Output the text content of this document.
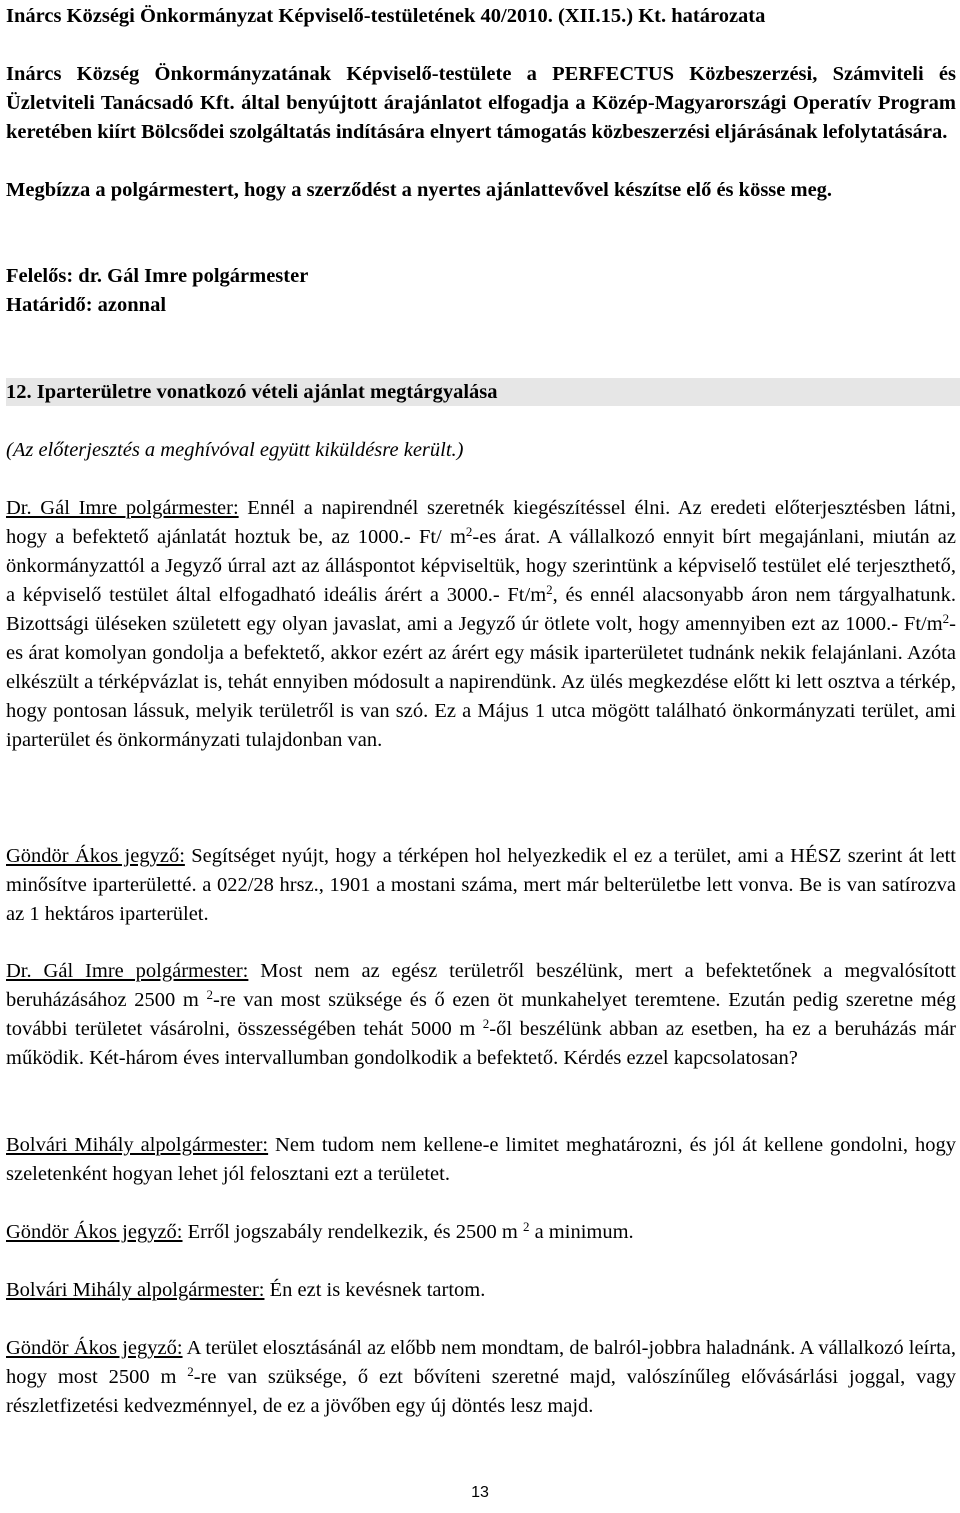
Inárcs Községi Önkormányzat Képviselő-testületének 40/2010. (XII.15.) Kt. határozata
Inárcs Község Önkormányzatának Képviselő-testülete a PERFECTUS Közbeszerzési, Számviteli és Üzletviteli Tanácsadó Kft. által benyújtott árajánlatot elfogadja a Közép-Magyarországi Operatív Program keretében kiírt Bölcsődei szolgáltatás indítására elnyert támogatás közbeszerzési eljárásának lefolytatására.
Megbízza a polgármestert, hogy a szerződést a nyertes ajánlattevővel készítse elő és kösse meg.
Felelős: dr. Gál Imre polgármester
Határidő: azonnal
12. Iparterületre vonatkozó vételi ajánlat megtárgyalása
(Az előterjesztés a meghívóval együtt kiküldésre került.)
Dr. Gál Imre polgármester: Ennél a napirendnél szeretnék kiegészítéssel élni. Az eredeti előterjesztésben látni, hogy a befektető ajánlatát hoztuk be, az 1000.- Ft/ $m^2-es$ árat. A vállalkozó ennyit bírt megajánlani, miután az önkormányzattól a Jegyző úrral azt az álláspontot képviseltük, hogy szerintünk a képviselő testület elé terjeszthető, a képviselő testület által elfogadható ideális árért a 3000.- $Ft/m^2$, és ennél alacsonyabb áron nem tárgyalhatunk. Bizottsági üléseken született egy olyan javaslat, ami a Jegyző úr ötlete volt, hogy amennyiben ezt az 1000.- $Ft/m^2-es$ árat komolyan gondolja a befektető, akkor ezért az árért egy másik iparterületet tudnánk nekik felajánlani. Azóta elkészült a térképvázlat is, tehát ennyiben módosult a napirendünk. Az ülés megkezdése előtt ki lett osztva a térkép, hogy pontosan lássuk, melyik területről is van szó. Ez a Május 1 utca mögött található önkormányzati terület, ami iparterület és önkormányzati tulajdonban van.
Göndör Ákos jegyző: Segítséget nyújt, hogy a térképen hol helyezkedik el ez a terület, ami a HÉSZ szerint át lett minősítve iparterületté. a 022/28 hrsz., 1901 a mostani száma, mert már belterületbe lett vonva. Be is van satírozva az 1 hektáros iparterület.
Dr. Gál Imre polgármester: Most nem az egész területről beszélünk, mert a befektetőnek a megvalósított beruházásához 2500 m $^2$-re van most szüksége és ő ezen öt munkahelyet teremtene. Ezután pedig szeretne még további területet vásárolni, összességében tehát 5000 m $^2$-ől beszélünk abban az esetben, ha ez a beruházás már működik. Két-három éves intervallumban gondolkodik a befektető. Kérdés ezzel kapcsolatosan?
Bolvári Mihály alpolgármester: Nem tudom nem kellene-e limitet meghatározni, és jól át kellene gondolni, hogy szeletenként hogyan lehet jól felosztani ezt a területet.
Göndör Ákos jegyző: Erről jogszabály rendelkezik, és 2500 m $^2$ a minimum.
Bolvári Mihály alpolgármester: Én ezt is kevésnek tartom.
Göndör Ákos jegyző: A terület elosztásánál az előbb nem mondtam, de balról-jobbra haladnánk. A vállalkozó leírta, hogy most 2500 m $^2$-re van szüksége, ő ezt bővíteni szeretné majd, valószínűleg elővásárlási joggal, vagy részletfizetési kedvezménnyel, de ez a jövőben egy új döntés lesz majd.
13
